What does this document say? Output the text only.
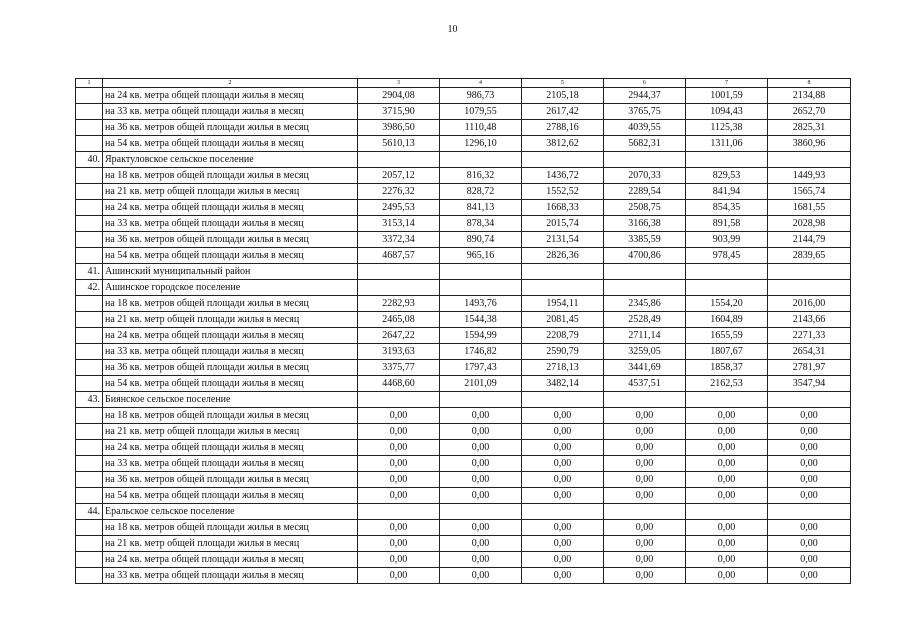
10
1	2	3	4	5	6	7	8
	на 24 кв. метра общей площади жилья в месяц	2904,08	986,73	2105,18	2944,37	1001,59	2134,88
	на 33 кв. метра общей площади жилья в месяц	3715,90	1079,55	2617,42	3765,75	1094,43	2652,70
	на 36 кв. метров общей площади жилья в месяц	3986,50	1110,48	2788,16	4039,55	1125,38	2825,31
	на 54 кв. метра общей площади жилья в месяц	5610,13	1296,10	3812,62	5682,31	1311,06	3860,96
40.	Ярактуловское сельское поселение						
	на 18 кв. метров общей площади жилья в месяц	2057,12	816,32	1436,72	2070,33	829,53	1449,93
	на 21 кв. метр общей площади жилья в месяц	2276,32	828,72	1552,52	2289,54	841,94	1565,74
	на 24 кв. метра общей площади жилья в месяц	2495,53	841,13	1668,33	2508,75	854,35	1681,55
	на 33 кв. метра общей площади жилья в месяц	3153,14	878,34	2015,74	3166,38	891,58	2028,98
	на 36 кв. метров общей площади жилья в месяц	3372,34	890,74	2131,54	3385,59	903,99	2144,79
	на 54 кв. метра общей площади жилья в месяц	4687,57	965,16	2826,36	4700,86	978,45	2839,65
41.	Ашинский муниципальный район						
42.	Ашинское городское поселение						
	на 18 кв. метров общей площади жилья в месяц	2282,93	1493,76	1954,11	2345,86	1554,20	2016,00
	на 21 кв. метр общей площади жилья в месяц	2465,08	1544,38	2081,45	2528,49	1604,89	2143,66
	на 24 кв. метра общей площади жилья в месяц	2647,22	1594,99	2208,79	2711,14	1655,59	2271,33
	на 33 кв. метра общей площади жилья в месяц	3193,63	1746,82	2590,79	3259,05	1807,67	2654,31
	на 36 кв. метров общей площади жилья в месяц	3375,77	1797,43	2718,13	3441,69	1858,37	2781,97
	на 54 кв. метра общей площади жилья в месяц	4468,60	2101,09	3482,14	4537,51	2162,53	3547,94
43.	Биянское сельское поселение						
	на 18 кв. метров общей площади жилья в месяц	0,00	0,00	0,00	0,00	0,00	0,00
	на 21 кв. метр общей площади жилья в месяц	0,00	0,00	0,00	0,00	0,00	0,00
	на 24 кв. метра общей площади жилья в месяц	0,00	0,00	0,00	0,00	0,00	0,00
	на 33 кв. метра общей площади жилья в месяц	0,00	0,00	0,00	0,00	0,00	0,00
	на 36 кв. метров общей площади жилья в месяц	0,00	0,00	0,00	0,00	0,00	0,00
	на 54 кв. метра общей площади жилья в месяц	0,00	0,00	0,00	0,00	0,00	0,00
44.	Еральское сельское поселение						
	на 18 кв. метров общей площади жилья в месяц	0,00	0,00	0,00	0,00	0,00	0,00
	на 21 кв. метр общей площади жилья в месяц	0,00	0,00	0,00	0,00	0,00	0,00
	на 24 кв. метра общей площади жилья в месяц	0,00	0,00	0,00	0,00	0,00	0,00
	на 33 кв. метра общей площади жилья в месяц	0,00	0,00	0,00	0,00	0,00	0,00
